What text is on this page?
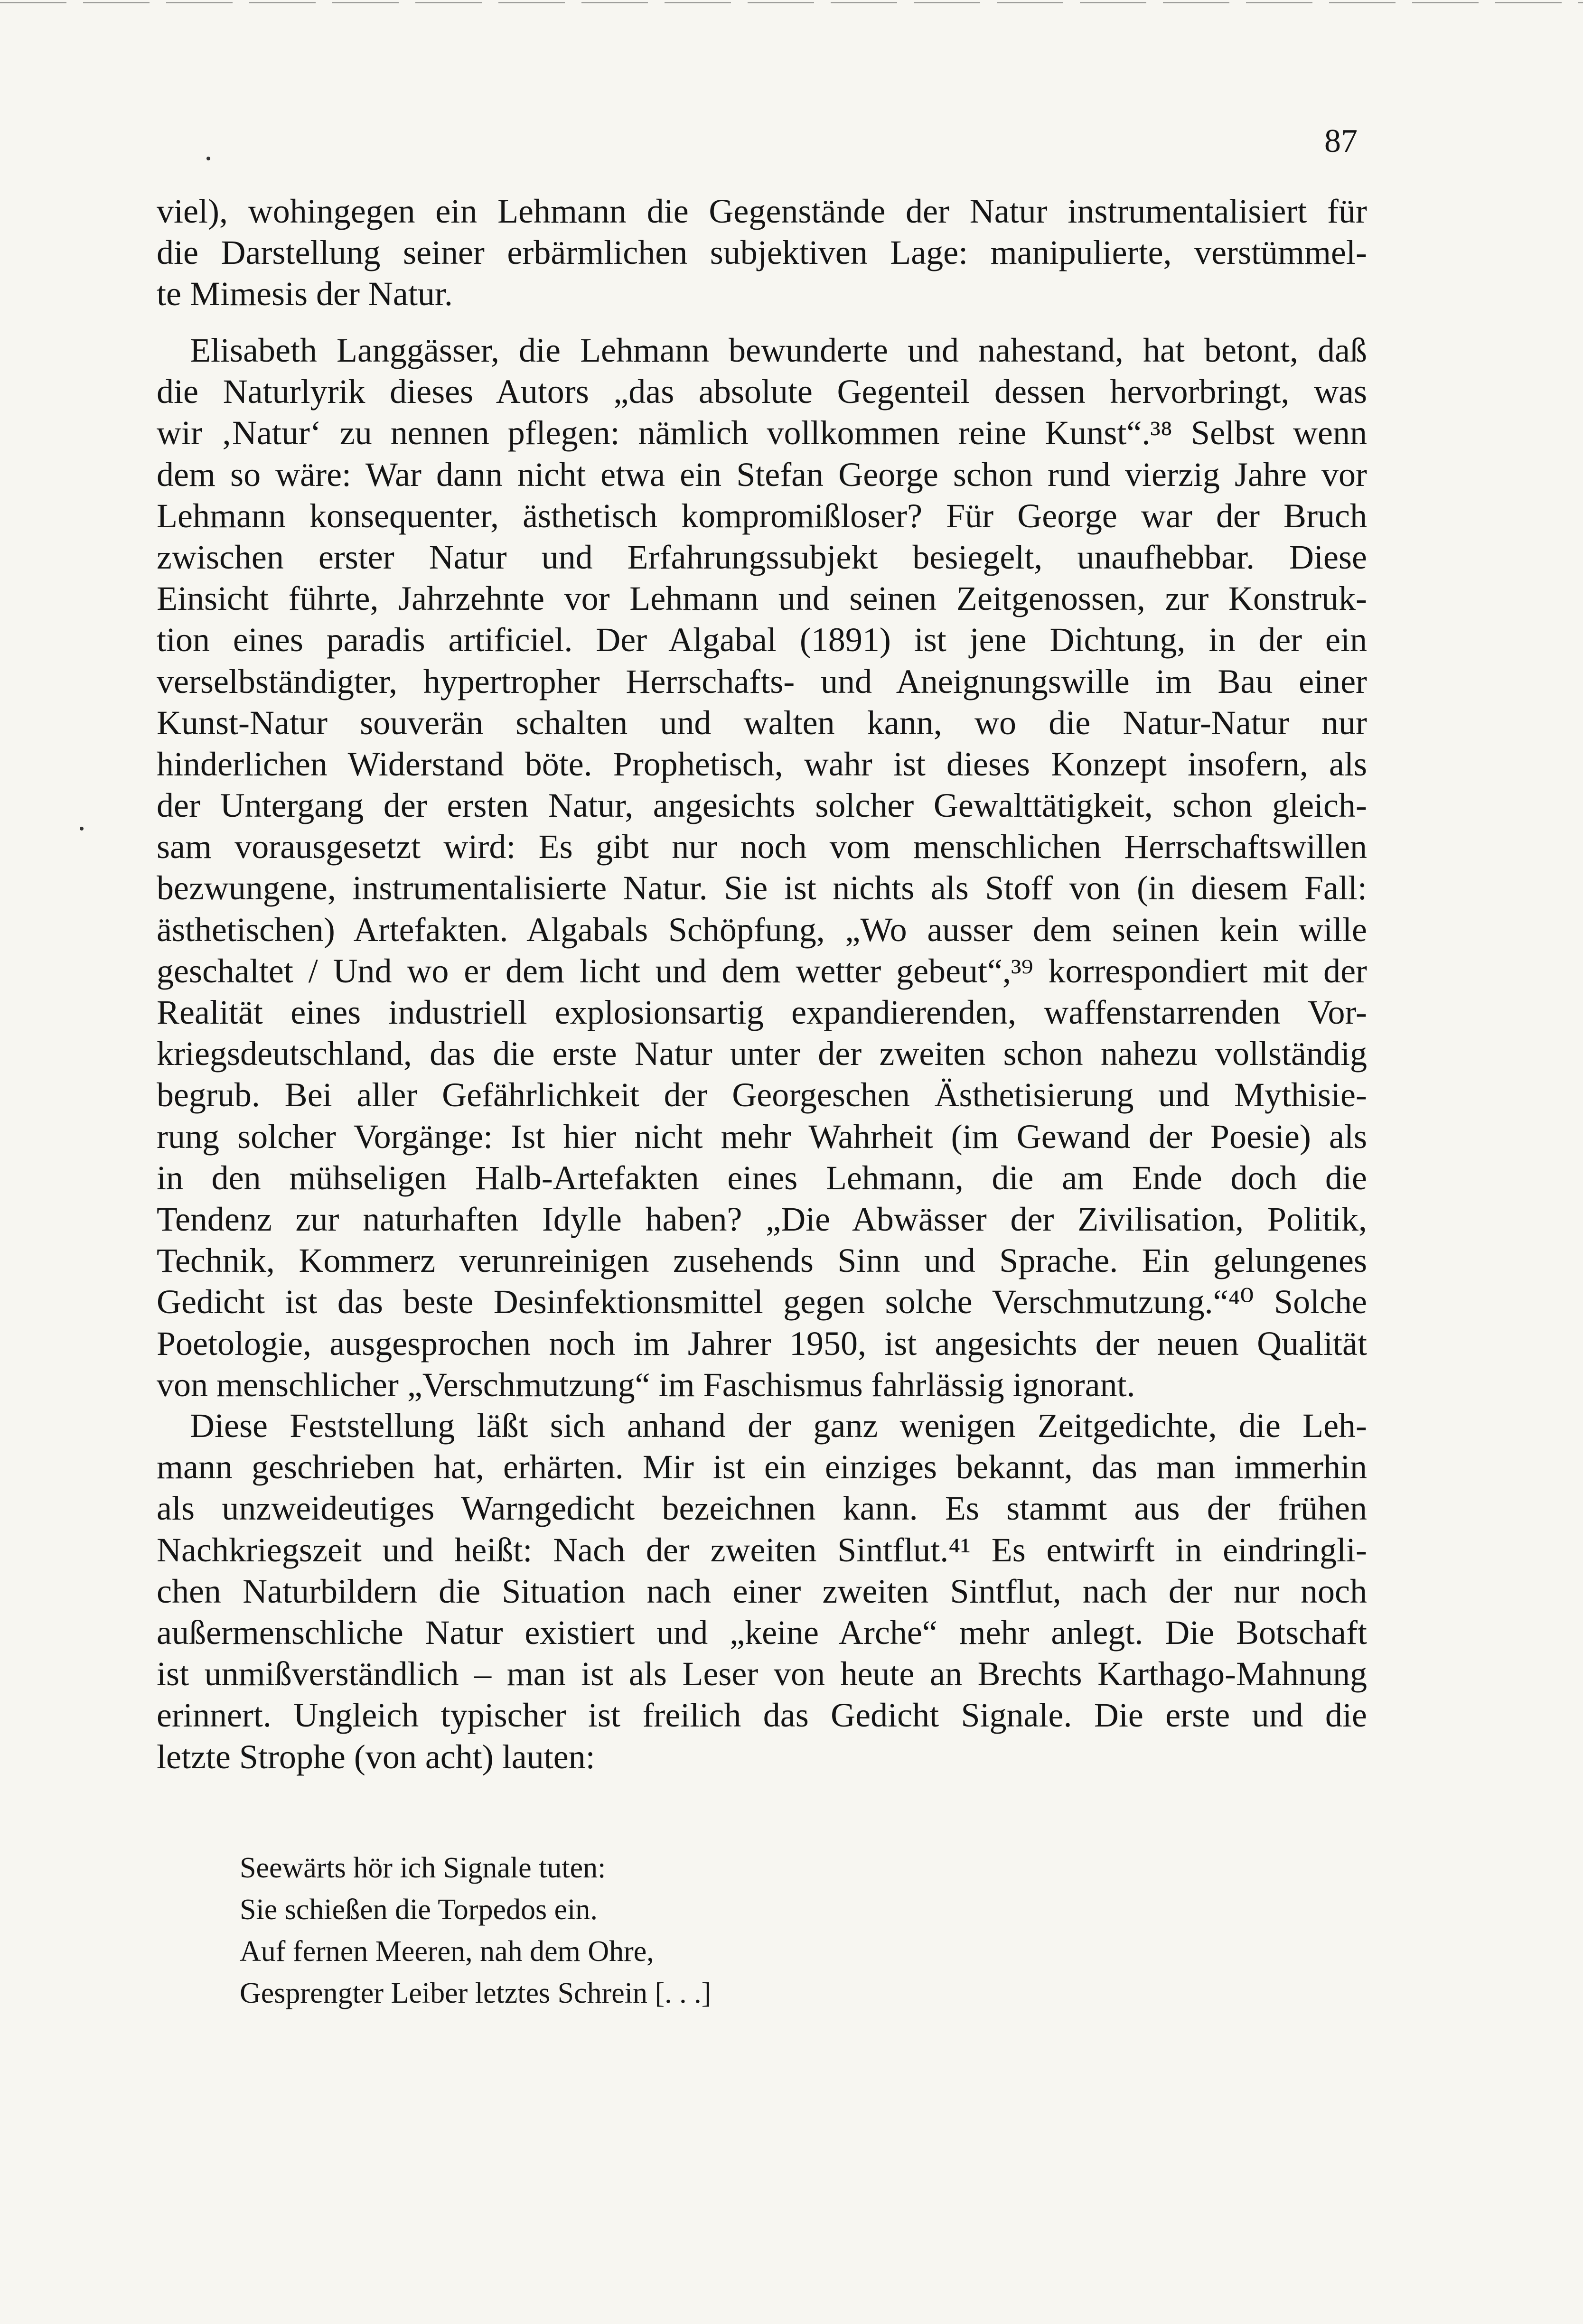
87
viel), wohingegen ein Lehmann die Gegenstände der Natur instrumentalisiert für
die Darstellung seiner erbärmlichen subjektiven Lage: manipulierte, verstümmel-
te Mimesis der Natur.
Elisabeth Langgässer, die Lehmann bewunderte und nahestand, hat betont, daß
die Naturlyrik dieses Autors „das absolute Gegenteil dessen hervorbringt, was
wir ‚Natur‘ zu nennen pflegen: nämlich vollkommen reine Kunst“.³⁸ Selbst wenn
dem so wäre: War dann nicht etwa ein Stefan George schon rund vierzig Jahre vor
Lehmann konsequenter, ästhetisch kompromißloser? Für George war der Bruch
zwischen erster Natur und Erfahrungssubjekt besiegelt, unaufhebbar. Diese
Einsicht führte, Jahrzehnte vor Lehmann und seinen Zeitgenossen, zur Konstruk-
tion eines paradis artificiel. Der Algabal (1891) ist jene Dichtung, in der ein
verselbständigter, hypertropher Herrschafts- und Aneignungswille im Bau einer
Kunst-Natur souverän schalten und walten kann, wo die Natur-Natur nur
hinderlichen Widerstand böte. Prophetisch, wahr ist dieses Konzept insofern, als
der Untergang der ersten Natur, angesichts solcher Gewalttätigkeit, schon gleich-
sam vorausgesetzt wird: Es gibt nur noch vom menschlichen Herrschaftswillen
bezwungene, instrumentalisierte Natur. Sie ist nichts als Stoff von (in diesem Fall:
ästhetischen) Artefakten. Algabals Schöpfung, „Wo ausser dem seinen kein wille
geschaltet / Und wo er dem licht und dem wetter gebeut“,³⁹ korrespondiert mit der
Realität eines industriell explosionsartig expandierenden, waffenstarrenden Vor-
kriegsdeutschland, das die erste Natur unter der zweiten schon nahezu vollständig
begrub. Bei aller Gefährlichkeit der Georgeschen Ästhetisierung und Mythisie-
rung solcher Vorgänge: Ist hier nicht mehr Wahrheit (im Gewand der Poesie) als
in den mühseligen Halb-Artefakten eines Lehmann, die am Ende doch die
Tendenz zur naturhaften Idylle haben? „Die Abwässer der Zivilisation, Politik,
Technik, Kommerz verunreinigen zusehends Sinn und Sprache. Ein gelungenes
Gedicht ist das beste Desinfektionsmittel gegen solche Verschmutzung.“⁴⁰ Solche
Poetologie, ausgesprochen noch im Jahrer 1950, ist angesichts der neuen Qualität
von menschlicher „Verschmutzung“ im Faschismus fahrlässig ignorant.
Diese Feststellung läßt sich anhand der ganz wenigen Zeitgedichte, die Leh-
mann geschrieben hat, erhärten. Mir ist ein einziges bekannt, das man immerhin
als unzweideutiges Warngedicht bezeichnen kann. Es stammt aus der frühen
Nachkriegszeit und heißt: Nach der zweiten Sintflut.⁴¹ Es entwirft in eindringli-
chen Naturbildern die Situation nach einer zweiten Sintflut, nach der nur noch
außermenschliche Natur existiert und „keine Arche“ mehr anlegt. Die Botschaft
ist unmißverständlich – man ist als Leser von heute an Brechts Karthago-Mahnung
erinnert. Ungleich typischer ist freilich das Gedicht Signale. Die erste und die
letzte Strophe (von acht) lauten:
Seewärts hör ich Signale tuten:
Sie schießen die Torpedos ein.
Auf fernen Meeren, nah dem Ohre,
Gesprengter Leiber letztes Schrein [. . .]
